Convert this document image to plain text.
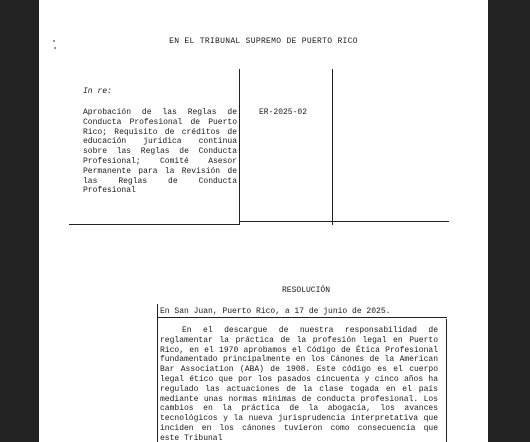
EN EL TRIBUNAL SUPREMO DE PUERTO RICO
In re:
Aprobación de las Reglas de Conducta Profesional de Puerto Rico; Requisito de créditos de educación jurídica continua sobre las Reglas de Conducta Profesional; Comité Asesor Permanente para la Revisión de las Reglas de Conducta Profesional
ER-2025-02
RESOLUCIÓN
En San Juan, Puerto Rico, a 17 de junio de 2025.
En el descargue de nuestra responsabilidad de reglamentar la práctica de la profesión legal en Puerto Rico, en el 1970 aprobamos el Código de Ética Profesional fundamentado principalmente en los Cánones de la American Bar Association (ABA) de 1908. Este código es el cuerpo legal ético que por los pasados cincuenta y cinco años ha regulado las actuaciones de la clase togada en el país mediante unas normas mínimas de conducta profesional. Los cambios en la práctica de la abogacía, los avances tecnológicos y la nueva jurisprudencia interpretativa que inciden en los cánones tuvieron como consecuencia que este Tribunal
